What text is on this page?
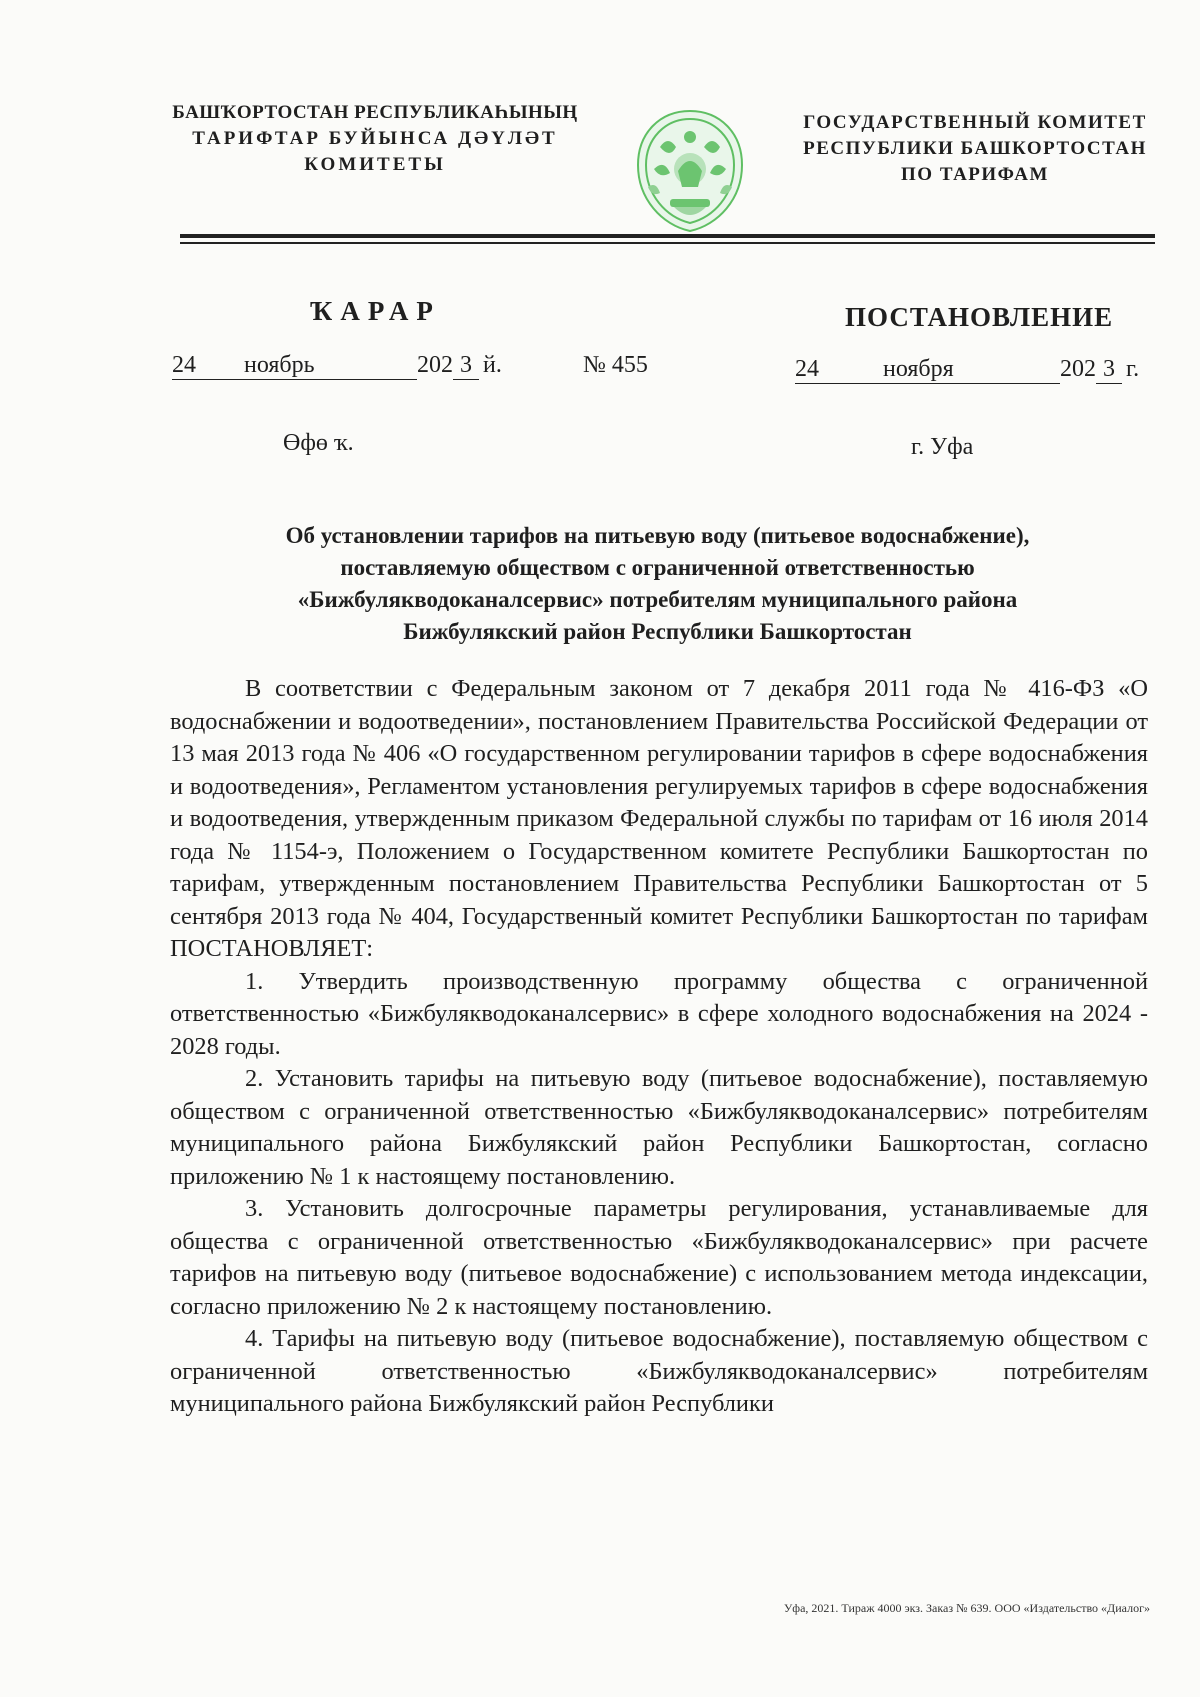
БАШҠОРТОСТАН РЕСПУБЛИКАҺЫНЫҢ
ТАРИФТАР БУЙЫНСА ДӘҮЛӘТ
КОМИТЕТЫ
ГОСУДАРСТВЕННЫЙ КОМИТЕТ
РЕСПУБЛИКИ БАШКОРТОСТАН
ПО ТАРИФАМ
ҠАРАР	ПОСТАНОВЛЕНИЕ
24 ноябрь	202 3 й.	№ 455	24	ноября	202 3 г.
Өфө ҡ.	г. Уфа
Об установлении тарифов на питьевую воду (питьевое водоснабжение),
поставляемую обществом с ограниченной ответственностью
«Бижбулякводоканалсервис» потребителям муниципального района
Бижбулякский район Республики Башкортостан

В соответствии с Федеральным законом от 7 декабря 2011 года № 416-ФЗ «О водоснабжении и водоотведении», постановлением Правительства Российской Федерации от 13 мая 2013 года № 406 «О государственном регулировании тарифов в сфере водоснабжения и водоотведения», Регламентом установления регулируемых тарифов в сфере водоснабжения и водоотведения, утвержденным приказом Федеральной службы по тарифам от 16 июля 2014 года № 1154-э, Положением о Государственном комитете Республики Башкортостан по тарифам, утвержденным постановлением Правительства Республики Башкортостан от 5 сентября 2013 года № 404, Государственный комитет Республики Башкортостан по тарифам ПОСТАНОВЛЯЕТ:

1. Утвердить производственную программу общества с ограниченной ответственностью «Бижбулякводоканалсервис» в сфере холодного водоснабжения на 2024 - 2028 годы.

2. Установить тарифы на питьевую воду (питьевое водоснабжение), поставляемую обществом с ограниченной ответственностью «Бижбулякводоканалсервис» потребителям муниципального района Бижбулякский район Республики Башкортостан, согласно приложению № 1 к настоящему постановлению.

3. Установить долгосрочные параметры регулирования, устанавливаемые для общества с ограниченной ответственностью «Бижбулякводоканалсервис» при расчете тарифов на питьевую воду (питьевое водоснабжение) с использованием метода индексации, согласно приложению № 2 к настоящему постановлению.

4. Тарифы на питьевую воду (питьевое водоснабжение), поставляемую обществом с ограниченной ответственностью «Бижбулякводоканалсервис» потребителям муниципального района Бижбулякский район Республики

Уфа, 2021. Тираж 4000 экз. Заказ № 639. ООО «Издательство «Диалог»
